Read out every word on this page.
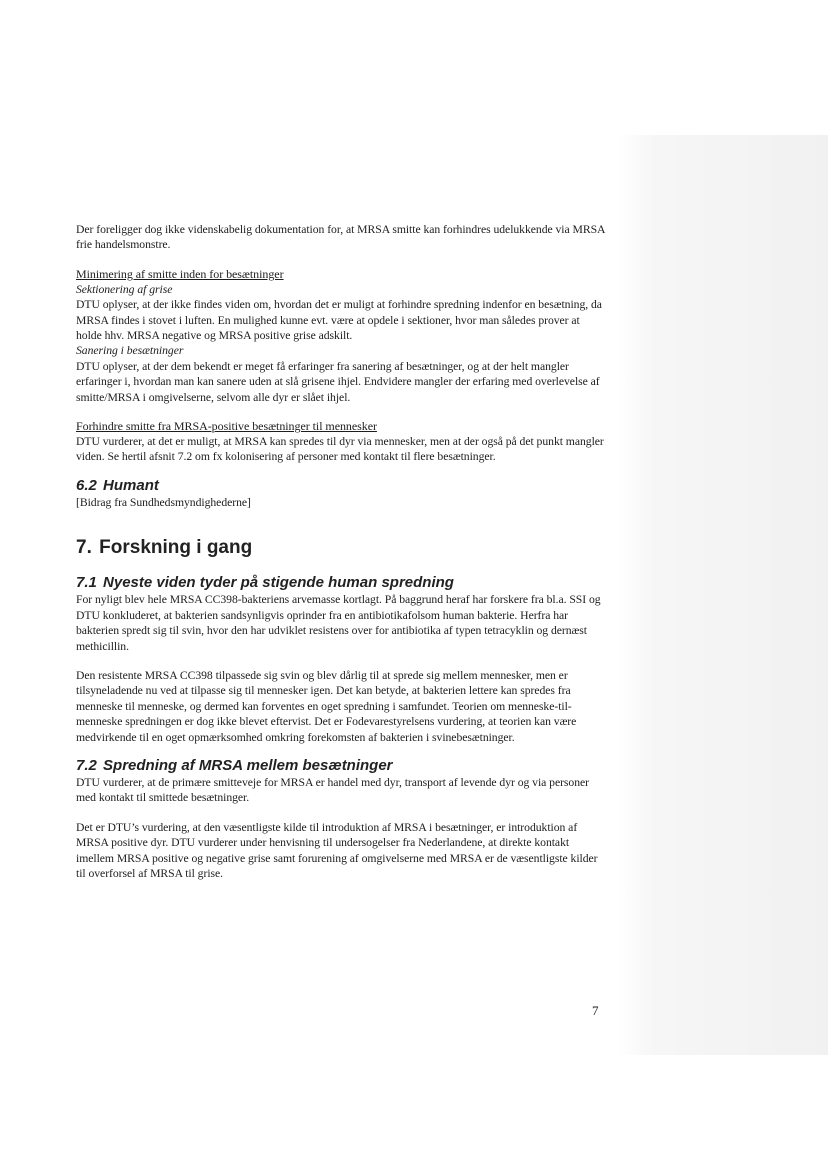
Der foreligger dog ikke videnskabelig dokumentation for, at MRSA smitte kan forhindres udelukkende via MRSA frie handelsmonstre.

Minimering af smitte inden for besætninger

Sektionering af grise

DTU oplyser, at der ikke findes viden om, hvordan det er muligt at forhindre spredning indenfor en besætning, da MRSA findes i stovet i luften. En mulighed kunne evt. være at opdele i sektioner, hvor man således prover at holde hhv. MRSA negative og MRSA positive grise adskilt.

Sanering i besætninger

DTU oplyser, at der dem bekendt er meget få erfaringer fra sanering af besætninger, og at der helt mangler erfaringer i, hvordan man kan sanere uden at slå grisene ihjel. Endvidere mangler der erfaring med overlevelse af smitte/MRSA i omgivelserne, selvom alle dyr er slået ihjel.

Forhindre smitte fra MRSA-positive besætninger til mennesker

DTU vurderer, at det er muligt, at MRSA kan spredes til dyr via mennesker, men at der også på det punkt mangler viden. Se hertil afsnit 7.2 om fx kolonisering af personer med kontakt til flere besætninger.

6.2 Humant

[Bidrag fra Sundhedsmyndighederne]

7. Forskning i gang
7.1 Nyeste viden tyder på stigende human spredning

For nyligt blev hele MRSA CC398-bakteriens arvemasse kortlagt. På baggrund heraf har forskere fra bl.a. SSI og DTU konkluderet, at bakterien sandsynligvis oprinder fra en antibiotikafolsom human bakterie. Herfra har bakterien spredt sig til svin, hvor den har udviklet resistens over for antibiotika af typen tetracyklin og dernæst methicillin.

Den resistente MRSA CC398 tilpassede sig svin og blev dårlig til at sprede sig mellem mennesker, men er tilsyneladende nu ved at tilpasse sig til mennesker igen. Det kan betyde, at bakterien lettere kan spredes fra menneske til menneske, og dermed kan forventes en oget spredning i samfundet. Teorien om menneske-til-menneske spredningen er dog ikke blevet eftervist. Det er Fodevarestyrelsens vurdering, at teorien kan være medvirkende til en oget opmærksomhed omkring forekomsten af bakterien i svinebesætninger.

7.2 Spredning af MRSA mellem besætninger

DTU vurderer, at de primære smitteveje for MRSA er handel med dyr, transport af levende dyr og via personer med kontakt til smittede besætninger.

Det er DTU’s vurdering, at den væsentligste kilde til introduktion af MRSA i besætninger, er introduktion af MRSA positive dyr. DTU vurderer under henvisning til undersogelser fra Nederlandene, at direkte kontakt imellem MRSA positive og negative grise samt forurening af omgivelserne med MRSA er de væsentligste kilder til overforsel af MRSA til grise.

7
